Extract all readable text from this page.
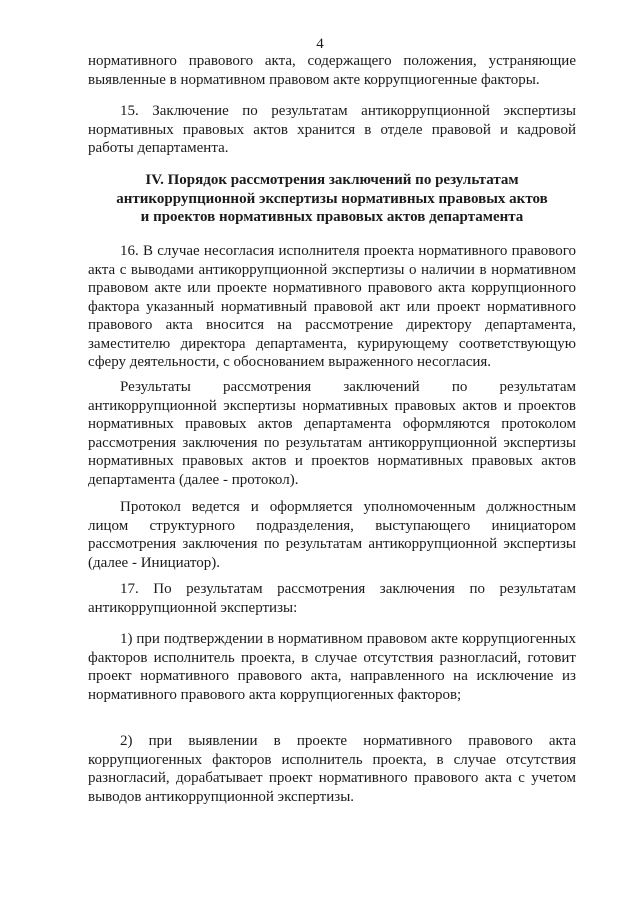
4

нормативного правового акта, содержащего положения, устраняющие выявленные в нормативном правовом акте коррупциогенные факторы.

15. Заключение по результатам антикоррупционной экспертизы нормативных правовых актов хранится в отделе правовой и кадровой работы департамента.

IV. Порядок рассмотрения заключений по результатам
антикоррупционной экспертизы нормативных правовых актов
и проектов нормативных правовых актов департамента

16. В случае несогласия исполнителя проекта нормативного правового акта с выводами антикоррупционной экспертизы о наличии в нормативном правовом акте или проекте нормативного правового акта коррупционного фактора указанный нормативный правовой акт или проект нормативного правового акта вносится на рассмотрение директору департамента, заместителю директора департамента, курирующему соответствующую сферу деятельности, с обоснованием выраженного несогласия.

Результаты рассмотрения заключений по результатам антикоррупционной экспертизы нормативных правовых актов и проектов нормативных правовых актов департамента оформляются протоколом рассмотрения заключения по результатам антикоррупционной экспертизы нормативных правовых актов и проектов нормативных правовых актов департамента (далее - протокол).

Протокол ведется и оформляется уполномоченным должностным лицом структурного подразделения, выступающего инициатором рассмотрения заключения по результатам антикоррупционной экспертизы (далее - Инициатор).

17. По результатам рассмотрения заключения по результатам антикоррупционной экспертизы:

1) при подтверждении в нормативном правовом акте коррупциогенных факторов исполнитель проекта, в случае отсутствия разногласий, готовит проект нормативного правового акта, направленного на исключение из нормативного правового акта коррупциогенных факторов;

2) при выявлении в проекте нормативного правового акта коррупциогенных факторов исполнитель проекта, в случае отсутствия разногласий, дорабатывает проект нормативного правового акта с учетом выводов антикоррупционной экспертизы.
